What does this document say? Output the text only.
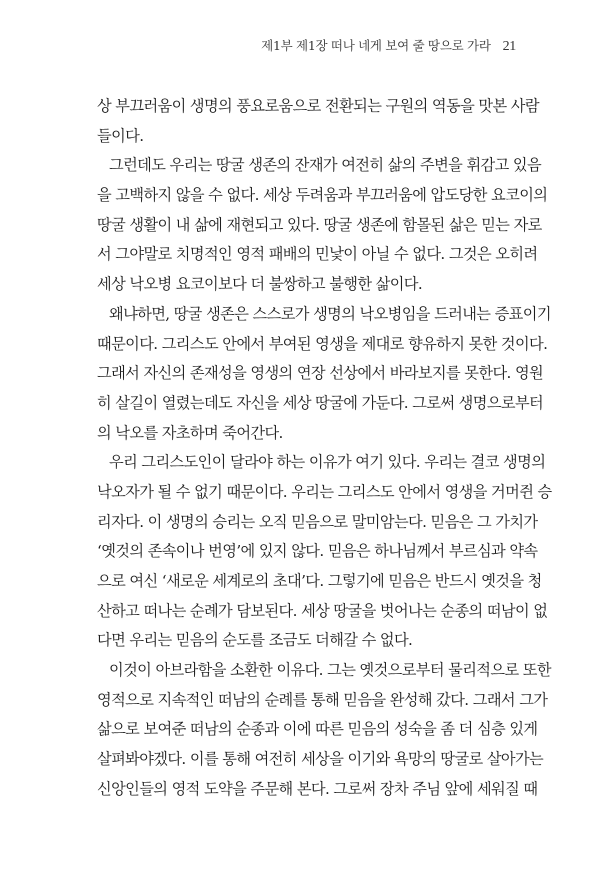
제1부 제1장 떠나 네게 보여 줄 땅으로 가라 21
상 부끄러움이 생명의 풍요로움으로 전환되는 구원의 역동을 맛본 사람
들이다.
그런데도 우리는 땅굴 생존의 잔재가 여전히 삶의 주변을 휘감고 있음
을 고백하지 않을 수 없다. 세상 두려움과 부끄러움에 압도당한 요코이의
땅굴 생활이 내 삶에 재현되고 있다. 땅굴 생존에 함몰된 삶은 믿는 자로
서 그야말로 치명적인 영적 패배의 민낯이 아닐 수 없다. 그것은 오히려
세상 낙오병 요코이보다 더 불쌍하고 불행한 삶이다.
왜냐하면, 땅굴 생존은 스스로가 생명의 낙오병임을 드러내는 증표이기
때문이다. 그리스도 안에서 부여된 영생을 제대로 향유하지 못한 것이다.
그래서 자신의 존재성을 영생의 연장 선상에서 바라보지를 못한다. 영원
히 살길이 열렸는데도 자신을 세상 땅굴에 가둔다. 그로써 생명으로부터
의 낙오를 자초하며 죽어간다.
우리 그리스도인이 달라야 하는 이유가 여기 있다. 우리는 결코 생명의
낙오자가 될 수 없기 때문이다. 우리는 그리스도 안에서 영생을 거머쥔 승
리자다. 이 생명의 승리는 오직 믿음으로 말미암는다. 믿음은 그 가치가
‘옛것의 존속이나 번영’에 있지 않다. 믿음은 하나님께서 부르심과 약속
으로 여신 ‘새로운 세계로의 초대’다. 그렇기에 믿음은 반드시 옛것을 청
산하고 떠나는 순례가 담보된다. 세상 땅굴을 벗어나는 순종의 떠남이 없
다면 우리는 믿음의 순도를 조금도 더해갈 수 없다.
이것이 아브라함을 소환한 이유다. 그는 옛것으로부터 물리적으로 또한
영적으로 지속적인 떠남의 순례를 통해 믿음을 완성해 갔다. 그래서 그가
삶으로 보여준 떠남의 순종과 이에 따른 믿음의 성숙을 좀 더 심층 있게
살펴봐야겠다. 이를 통해 여전히 세상을 이기와 욕망의 땅굴로 살아가는
신앙인들의 영적 도약을 주문해 본다. 그로써 장차 주님 앞에 세워질 때
